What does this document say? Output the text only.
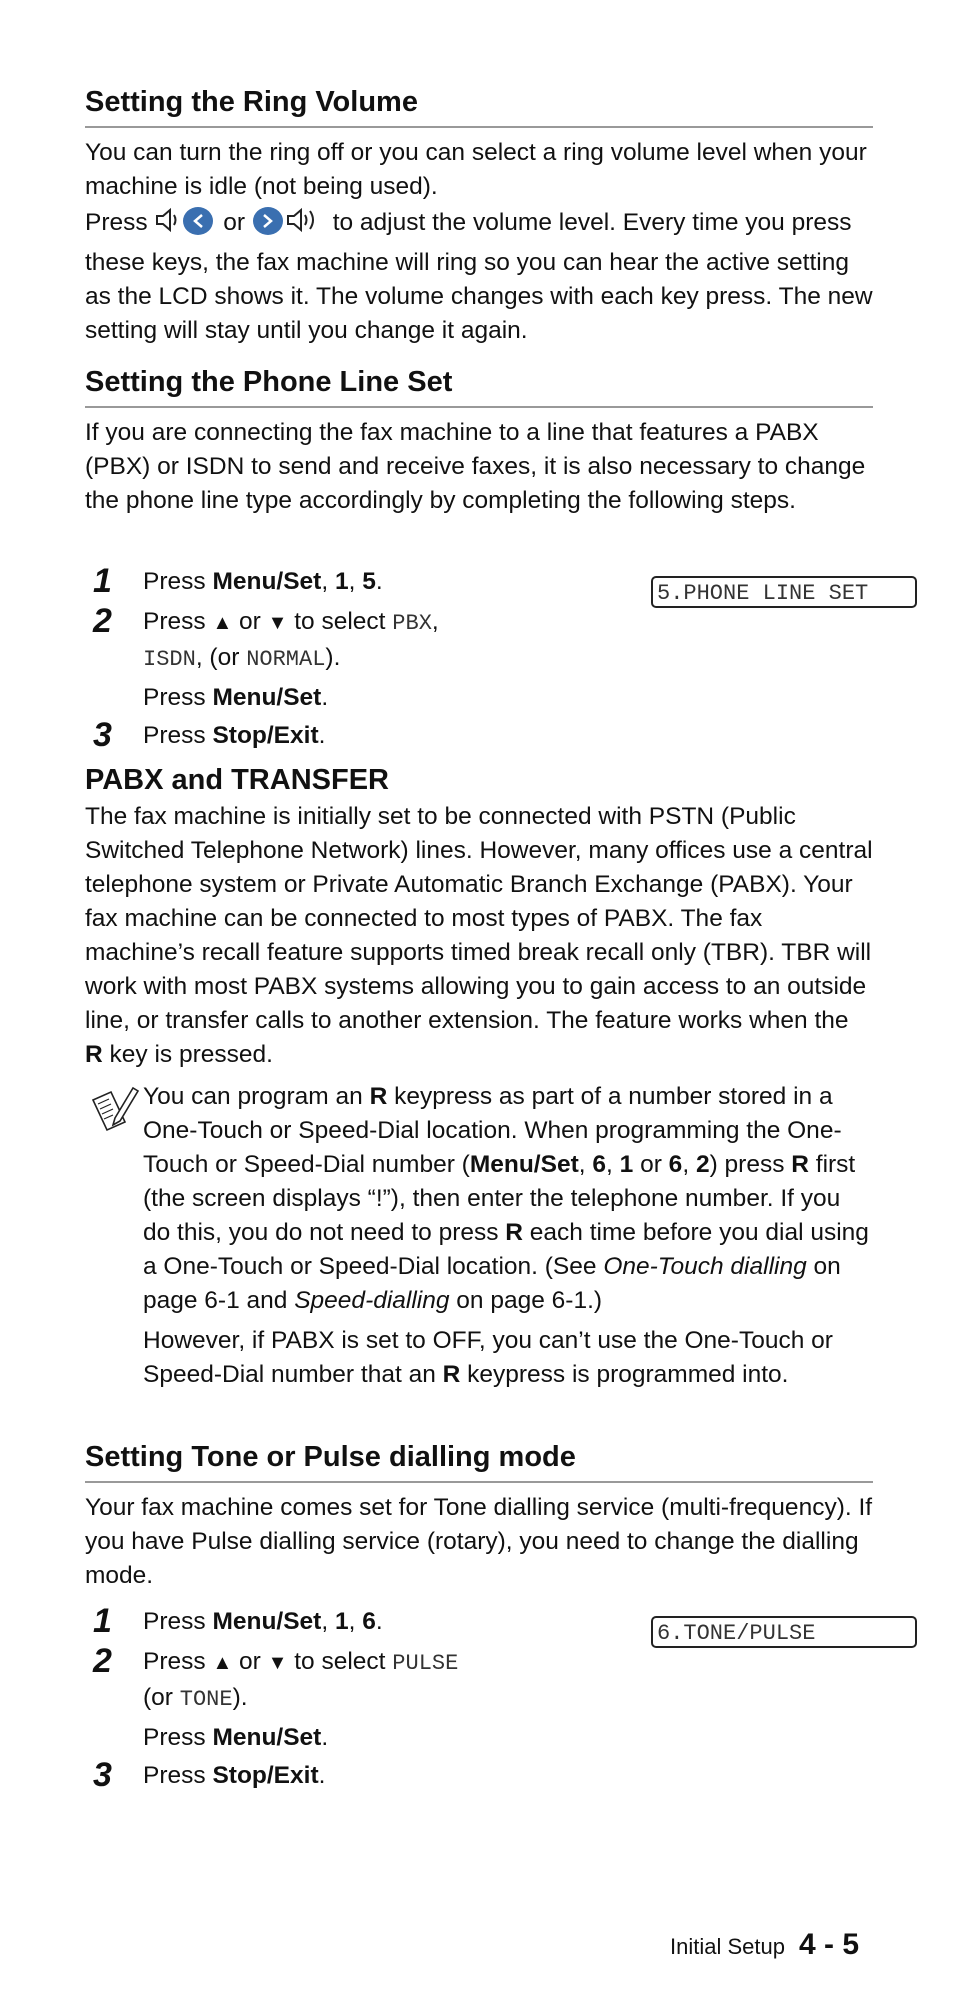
Setting the Ring Volume

You can turn the ring off or you can select a ring volume level when your machine is idle (not being used).

Press	or	to adjust the volume level. Every time you press these keys, the fax machine will ring so you can hear the active setting as the LCD shows it. The volume changes with each key press. The new setting will stay until you change it again.

Setting the Phone Line Set

If you are connecting the fax machine to a line that features a PABX (PBX) or ISDN to send and receive faxes, it is also necessary to change the phone line type accordingly by completing the following steps.

5.PHONE LINE SET
1 Press Menu/Set, 1, 5.
2 Press ▲ or ▼ to select PBX,
ISDN, (or NORMAL).
Press Menu/Set.
3 Press Stop/Exit.
PABX and TRANSFER

The fax machine is initially set to be connected with PSTN (Public Switched Telephone Network) lines. However, many offices use a central telephone system or Private Automatic Branch Exchange (PABX). Your fax machine can be connected to most types of PABX. The fax machine’s recall feature supports timed break recall only (TBR). TBR will work with most PABX systems allowing you to gain access to an outside line, or transfer calls to another extension. The feature works when the R key is pressed.

You can program an R keypress as part of a number stored in a One-Touch or Speed-Dial location. When programming the One-Touch or Speed-Dial number (Menu/Set, 6, 1 or 6, 2) press R first (the screen displays “!”), then enter the telephone number. If you do this, you do not need to press R each time before you dial using a One-Touch or Speed-Dial location. (See One-Touch dialling on page 6-1 and Speed-dialling on page 6-1.)

However, if PABX is set to OFF, you can’t use the One-Touch or Speed-Dial number that an R keypress is programmed into.

Setting Tone or Pulse dialling mode

Your fax machine comes set for Tone dialling service (multi-frequency). If you have Pulse dialling service (rotary), you need to change the dialling mode.

6.TONE/PULSE
1 Press Menu/Set, 1, 6.
2 Press ▲ or ▼ to select PULSE
(or TONE).
Press Menu/Set.
3 Press Stop/Exit.
Initial Setup 4 - 5
